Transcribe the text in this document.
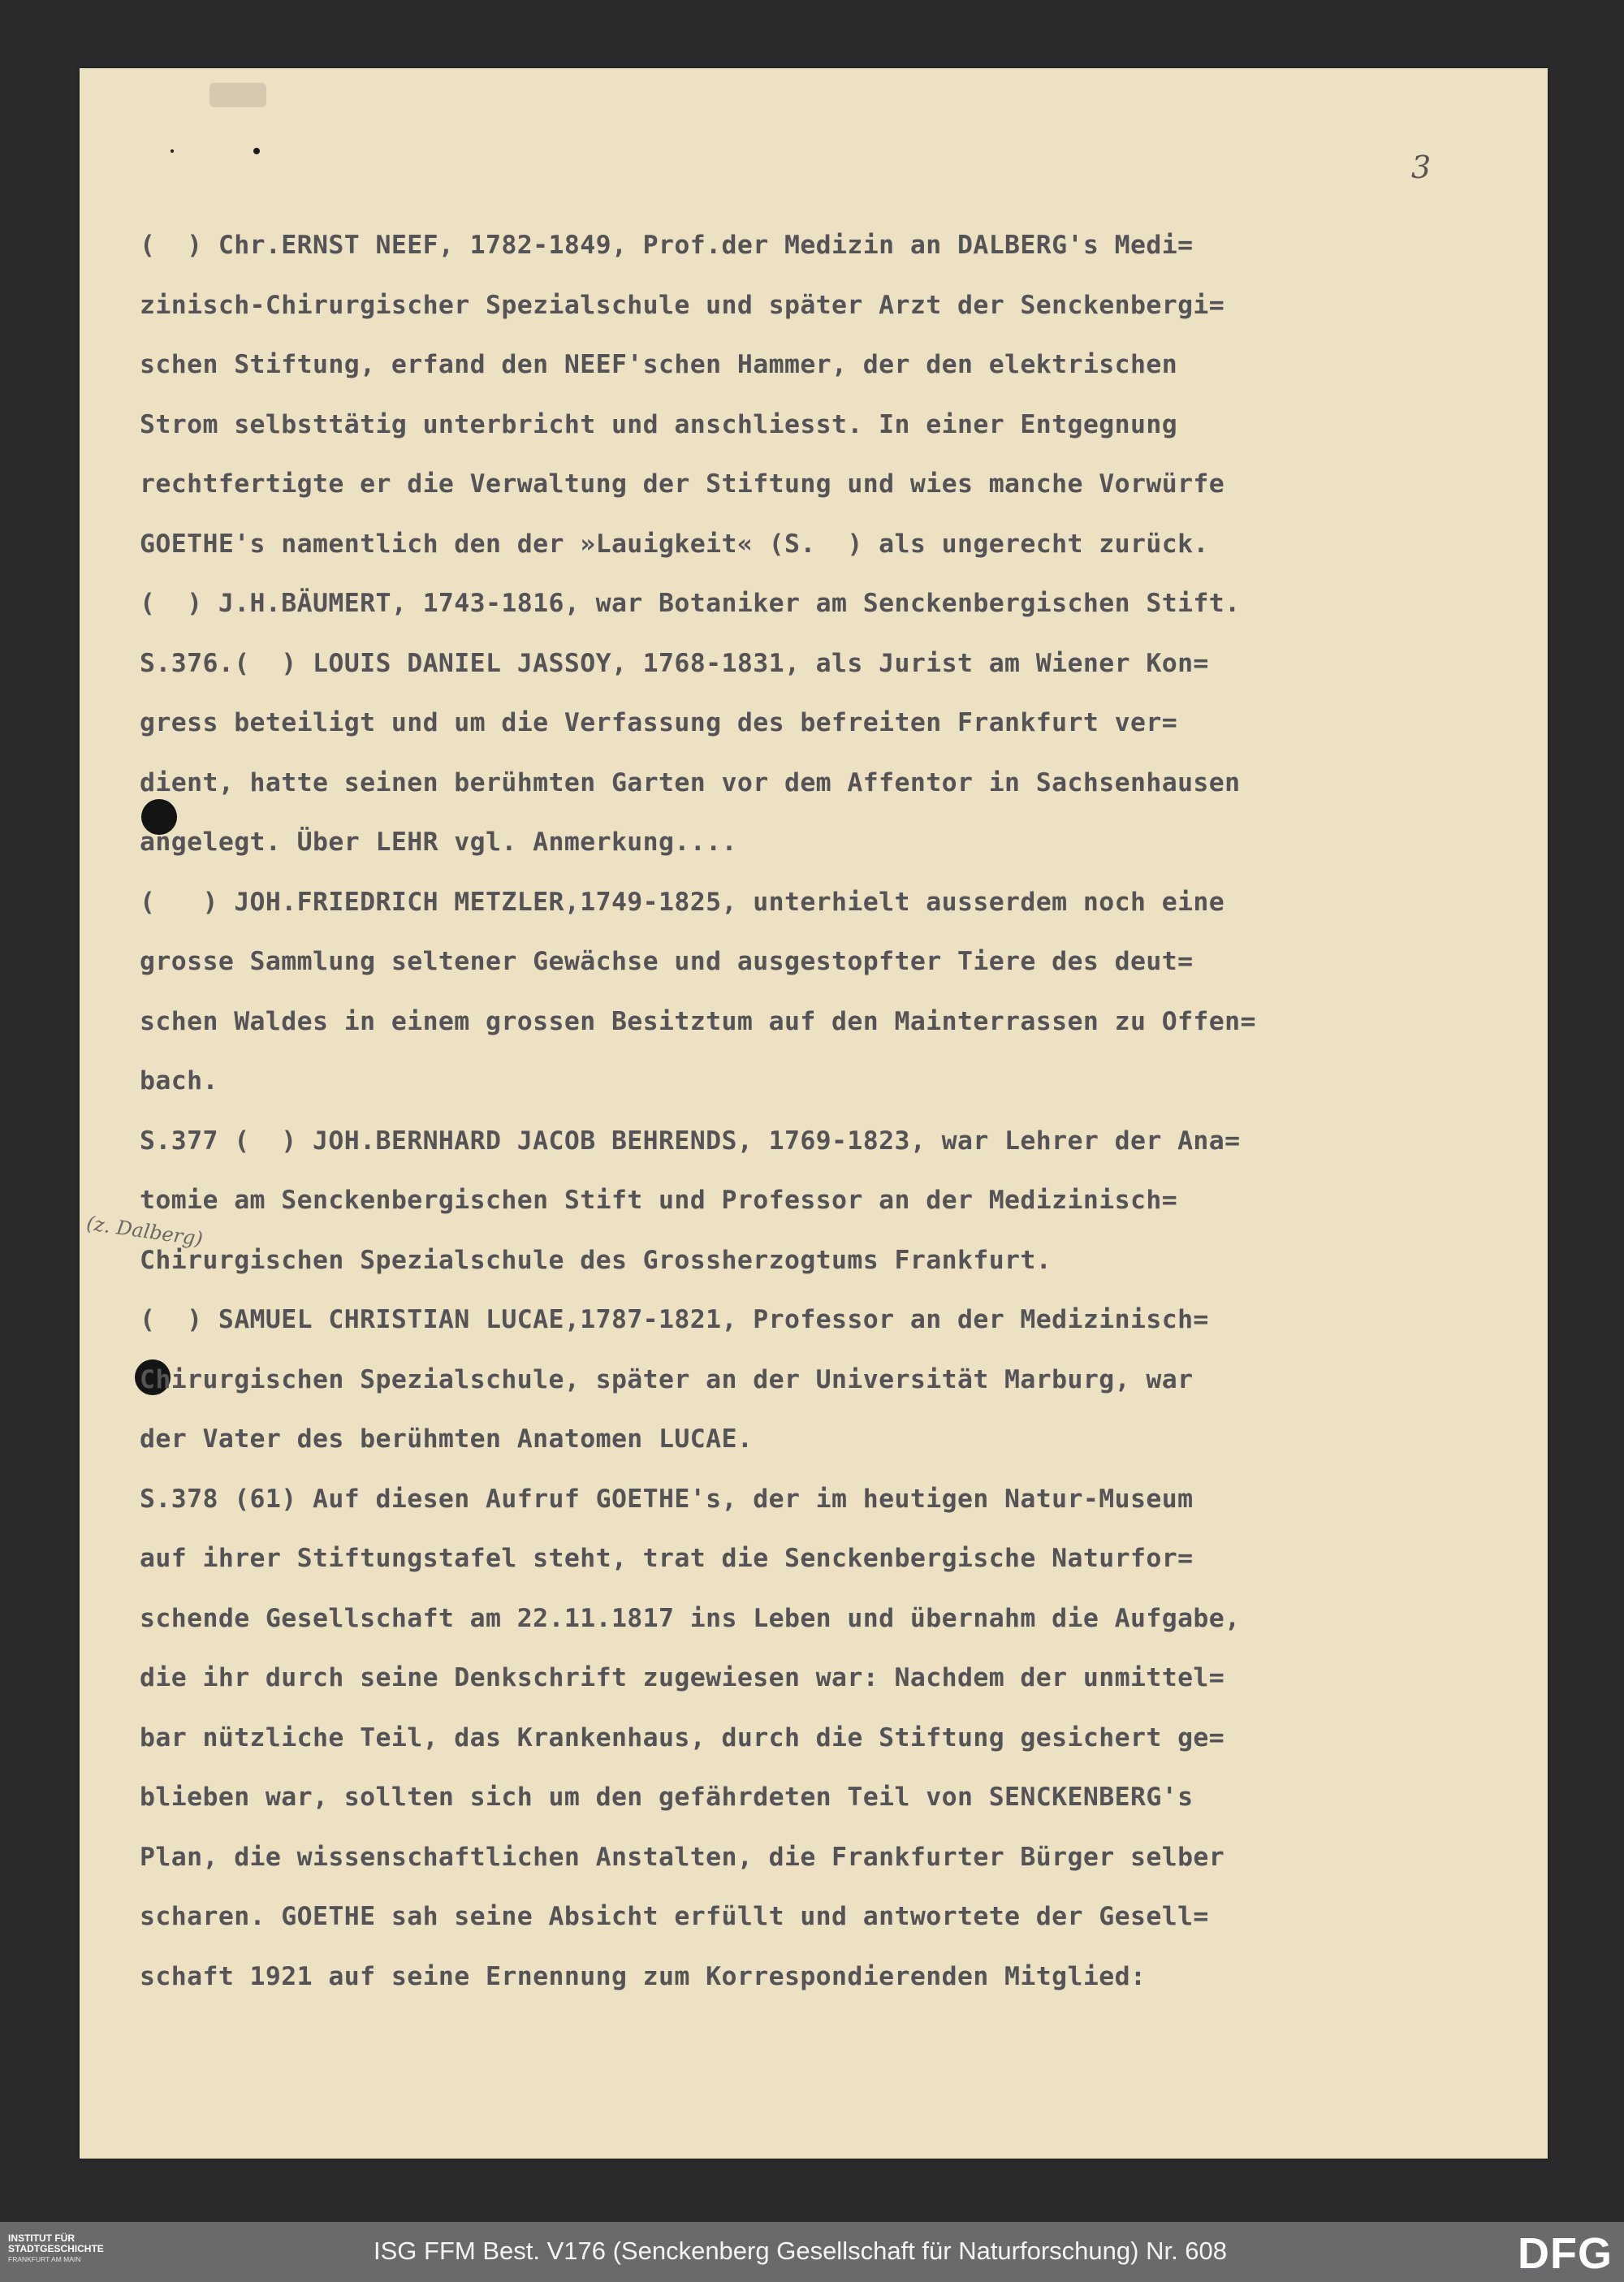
3
(z. Dalberg)
(  ) Chr.ERNST NEEF, 1782-1849, Prof.der Medizin an DALBERG's Medi=
zinisch-Chirurgischer Spezialschule und später Arzt der Senckenbergi=
schen Stiftung, erfand den NEEF'schen Hammer, der den elektrischen
Strom selbsttätig unterbricht und anschliesst. In einer Entgegnung
rechtfertigte er die Verwaltung der Stiftung und wies manche Vorwürfe
GOETHE's namentlich den der »Lauigkeit« (S.  ) als ungerecht zurück.
(  ) J.H.BÄUMERT, 1743-1816, war Botaniker am Senckenbergischen Stift.
S.376.(  ) LOUIS DANIEL JASSOY, 1768-1831, als Jurist am Wiener Kon=
gress beteiligt und um die Verfassung des befreiten Frankfurt ver=
dient, hatte seinen berühmten Garten vor dem Affentor in Sachsenhausen
angelegt. Über LEHR vgl. Anmerkung....
(   ) JOH.FRIEDRICH METZLER,1749-1825, unterhielt ausserdem noch eine
grosse Sammlung seltener Gewächse und ausgestopfter Tiere des deut=
schen Waldes in einem grossen Besitztum auf den Mainterrassen zu Offen=
bach.
S.377 (  ) JOH.BERNHARD JACOB BEHRENDS, 1769-1823, war Lehrer der Ana=
tomie am Senckenbergischen Stift und Professor an der Medizinisch=
Chirurgischen Spezialschule des Grossherzogtums Frankfurt.
(  ) SAMUEL CHRISTIAN LUCAE,1787-1821, Professor an der Medizinisch=
Chirurgischen Spezialschule, später an der Universität Marburg, war
der Vater des berühmten Anatomen LUCAE.
S.378 (61) Auf diesen Aufruf GOETHE's, der im heutigen Natur-Museum
auf ihrer Stiftungstafel steht, trat die Senckenbergische Naturfor=
schende Gesellschaft am 22.11.1817 ins Leben und übernahm die Aufgabe,
die ihr durch seine Denkschrift zugewiesen war: Nachdem der unmittel=
bar nützliche Teil, das Krankenhaus, durch die Stiftung gesichert ge=
blieben war, sollten sich um den gefährdeten Teil von SENCKENBERG's
Plan, die wissenschaftlichen Anstalten, die Frankfurter Bürger selber
scharen. GOETHE sah seine Absicht erfüllt und antwortete der Gesell=
schaft 1921 auf seine Ernennung zum Korrespondierenden Mitglied:

INSTITUT FÜR
STADTGESCHICHTE
FRANKFURT AM MAIN	ISG FFM Best. V176 (Senckenberg Gesellschaft für Naturforschung) Nr. 608	DFG
